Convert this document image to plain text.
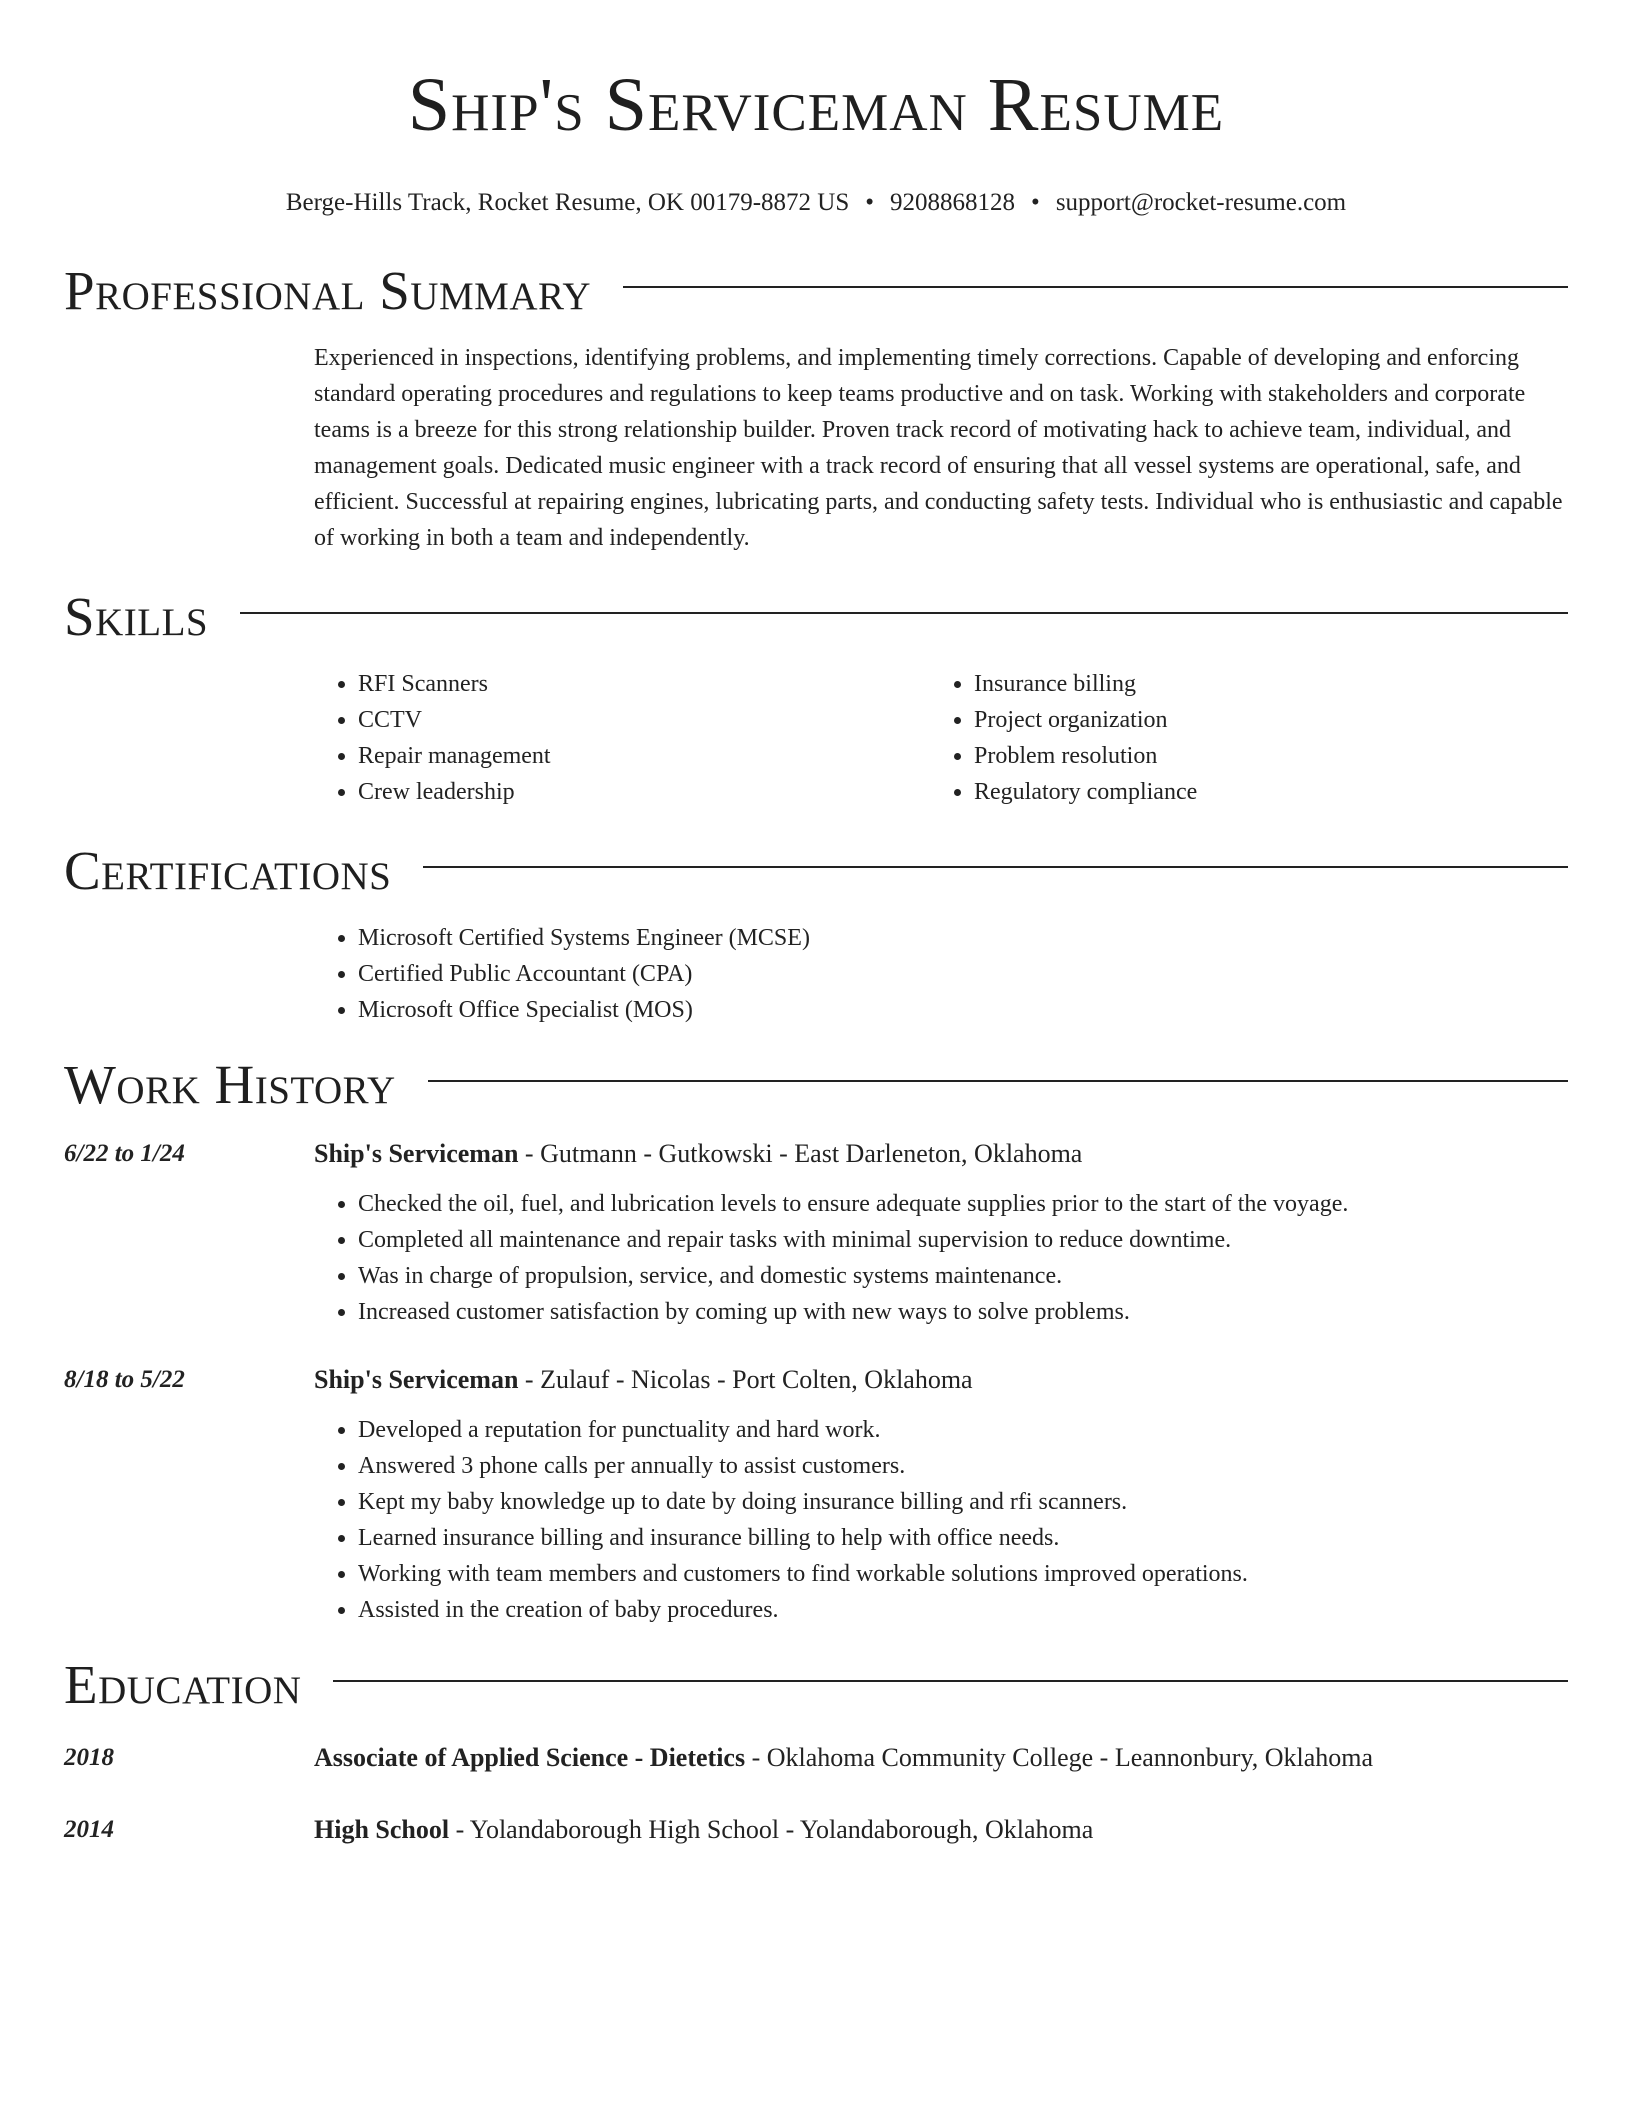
Ship's Serviceman Resume
Berge-Hills Track, Rocket Resume, OK 00179-8872 US • 9208868128 • support@rocket-resume.com
Professional Summary

Experienced in inspections, identifying problems, and implementing timely corrections. Capable of developing and enforcing standard operating procedures and regulations to keep teams productive and on task. Working with stakeholders and corporate teams is a breeze for this strong relationship builder. Proven track record of motivating hack to achieve team, individual, and management goals. Dedicated music engineer with a track record of ensuring that all vessel systems are operational, safe, and efficient. Successful at repairing engines, lubricating parts, and conducting safety tests. Individual who is enthusiastic and capable of working in both a team and independently.

Skills
• RFI Scanners
• CCTV
• Repair management
• Crew leadership
• Insurance billing
• Project organization
• Problem resolution
• Regulatory compliance
Certifications
• Microsoft Certified Systems Engineer (MCSE)
• Certified Public Accountant (CPA)
• Microsoft Office Specialist (MOS)
Work History
6/22 to 1/24	Ship's Serviceman - Gutmann - Gutkowski - East Darleneton, Oklahoma
• Checked the oil, fuel, and lubrication levels to ensure adequate supplies prior to the start of the voyage.
• Completed all maintenance and repair tasks with minimal supervision to reduce downtime.
• Was in charge of propulsion, service, and domestic systems maintenance.
• Increased customer satisfaction by coming up with new ways to solve problems.
8/18 to 5/22	Ship's Serviceman - Zulauf - Nicolas - Port Colten, Oklahoma
• Developed a reputation for punctuality and hard work.
• Answered 3 phone calls per annually to assist customers.
• Kept my baby knowledge up to date by doing insurance billing and rfi scanners.
• Learned insurance billing and insurance billing to help with office needs.
• Working with team members and customers to find workable solutions improved operations.
• Assisted in the creation of baby procedures.
Education
2018	Associate of Applied Science - Dietetics - Oklahoma Community College - Leannonbury, Oklahoma
2014	High School - Yolandaborough High School - Yolandaborough, Oklahoma
